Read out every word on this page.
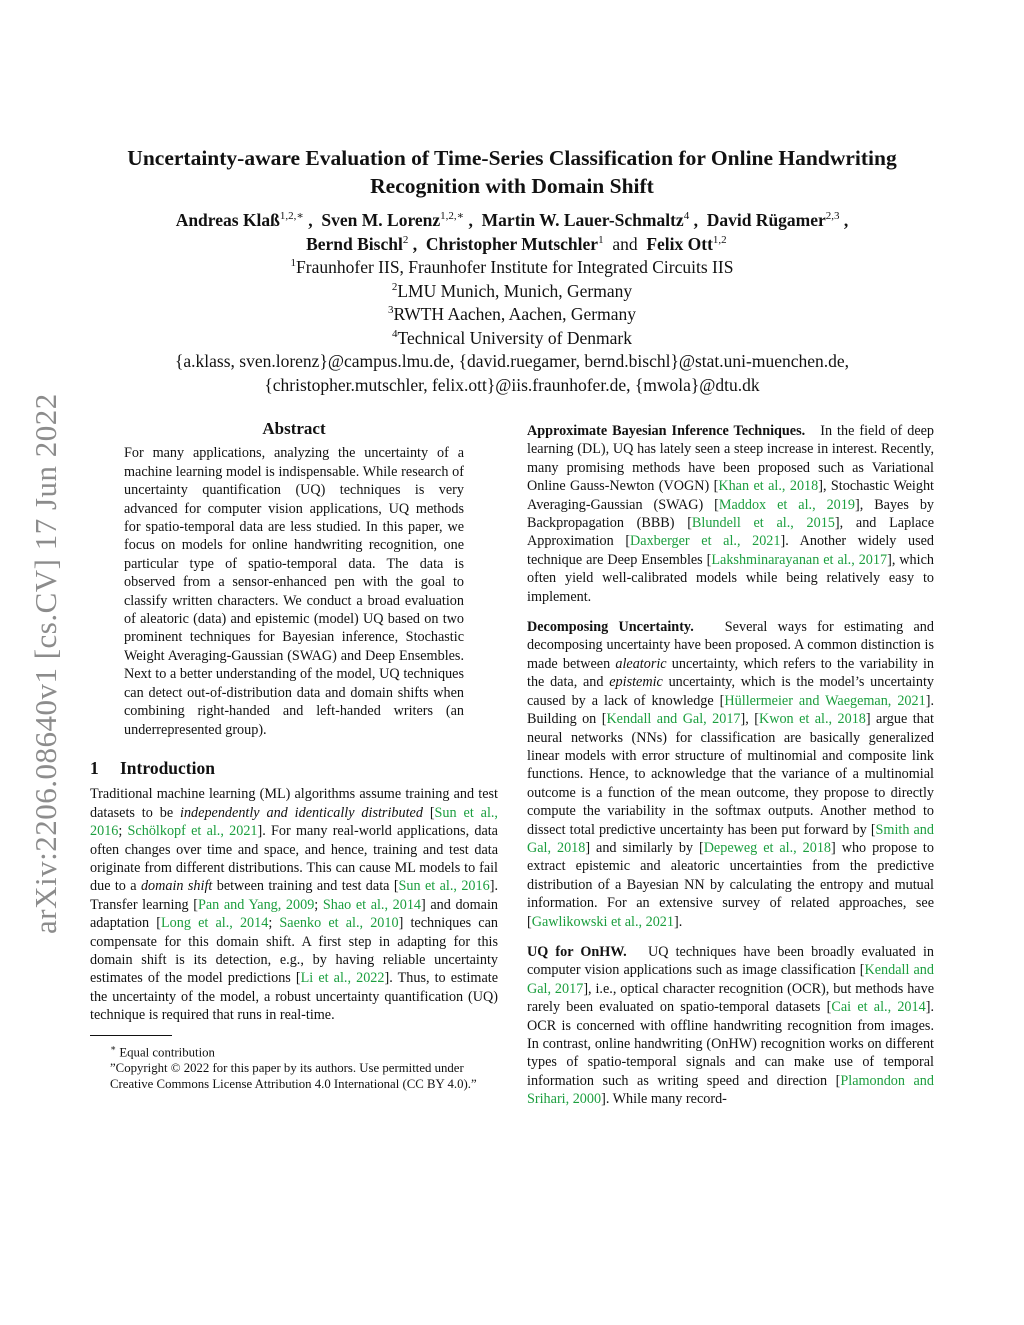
arXiv:2206.08640v1 [cs.CV] 17 Jun 2022
Uncertainty-aware Evaluation of Time-Series Classification for Online Handwriting Recognition with Domain Shift
Andreas Klaß$^{1,2,∗}$ , Sven M. Lorenz$^{1,2,∗}$ , Martin W. Lauer-Schmaltz$^4$ , David Rügamer$^{2,3}$ ,
Bernd Bischl$^2$ , Christopher Mutschler$^1$ and Felix Ott$^{1,2}$
$^1$Fraunhofer IIS, Fraunhofer Institute for Integrated Circuits IIS
$^2$LMU Munich, Munich, Germany
$^3$RWTH Aachen, Aachen, Germany
$^4$Technical University of Denmark
{a.klass, sven.lorenz}@campus.lmu.de, {david.ruegamer, bernd.bischl}@stat.uni-muenchen.de,
{christopher.mutschler, felix.ott}@iis.fraunhofer.de, {mwola}@dtu.dk
Abstract

For many applications, analyzing the uncertainty of a machine learning model is indispensable. While research of uncertainty quantification (UQ) techniques is very advanced for computer vision applications, UQ methods for spatio-temporal data are less studied. In this paper, we focus on models for online handwriting recognition, one particular type of spatio-temporal data. The data is observed from a sensor-enhanced pen with the goal to classify written characters. We conduct a broad evaluation of aleatoric (data) and epistemic (model) UQ based on two prominent techniques for Bayesian inference, Stochastic Weight Averaging-Gaussian (SWAG) and Deep Ensembles. Next to a better understanding of the model, UQ techniques can detect out-of-distribution data and domain shifts when combining right-handed and left-handed writers (an underrepresented group).

1 Introduction

Traditional machine learning (ML) algorithms assume training and test datasets to be independently and identically distributed [Sun et al., 2016; Schölkopf et al., 2021]. For many real-world applications, data often changes over time and space, and hence, training and test data originate from different distributions. This can cause ML models to fail due to a domain shift between training and test data [Sun et al., 2016]. Transfer learning [Pan and Yang, 2009; Shao et al., 2014] and domain adaptation [Long et al., 2014; Saenko et al., 2010] techniques can compensate for this domain shift. A first step in adapting for this domain shift is its detection, e.g., by having reliable uncertainty estimates of the model predictions [Li et al., 2022]. Thus, to estimate the uncertainty of the model, a robust uncertainty quantification (UQ) technique is required that runs in real-time.

∗ Equal contribution
”Copyright © 2022 for this paper by its authors. Use permitted under Creative Commons License Attribution 4.0 International (CC BY 4.0).”

Approximate Bayesian Inference Techniques. In the field of deep learning (DL), UQ has lately seen a steep increase in interest. Recently, many promising methods have been proposed such as Variational Online Gauss-Newton (VOGN) [Khan et al., 2018], Stochastic Weight Averaging-Gaussian (SWAG) [Maddox et al., 2019], Bayes by Backpropagation (BBB) [Blundell et al., 2015], and Laplace Approximation [Daxberger et al., 2021]. Another widely used technique are Deep Ensembles [Lakshminarayanan et al., 2017], which often yield well-calibrated models while being relatively easy to implement.

Decomposing Uncertainty. Several ways for estimating and decomposing uncertainty have been proposed. A common distinction is made between aleatoric uncertainty, which refers to the variability in the data, and epistemic uncertainty, which is the model’s uncertainty caused by a lack of knowledge [Hüllermeier and Waegeman, 2021]. Building on [Kendall and Gal, 2017], [Kwon et al., 2018] argue that neural networks (NNs) for classification are basically generalized linear models with error structure of multinomial and composite link functions. Hence, to acknowledge that the variance of a multinomial outcome is a function of the mean outcome, they propose to directly compute the variability in the softmax outputs. Another method to dissect total predictive uncertainty has been put forward by [Smith and Gal, 2018] and similarly by [Depeweg et al., 2018] who propose to extract epistemic and aleatoric uncertainties from the predictive distribution of a Bayesian NN by calculating the entropy and mutual information. For an extensive survey of related approaches, see [Gawlikowski et al., 2021].

UQ for OnHW. UQ techniques have been broadly evaluated in computer vision applications such as image classification [Kendall and Gal, 2017], i.e., optical character recognition (OCR), but methods have rarely been evaluated on spatio-temporal datasets [Cai et al., 2014]. OCR is concerned with offline handwriting recognition from images. In contrast, online handwriting (OnHW) recognition works on different types of spatio-temporal signals and can make use of temporal information such as writing speed and direction [Plamondon and Srihari, 2000]. While many record-
